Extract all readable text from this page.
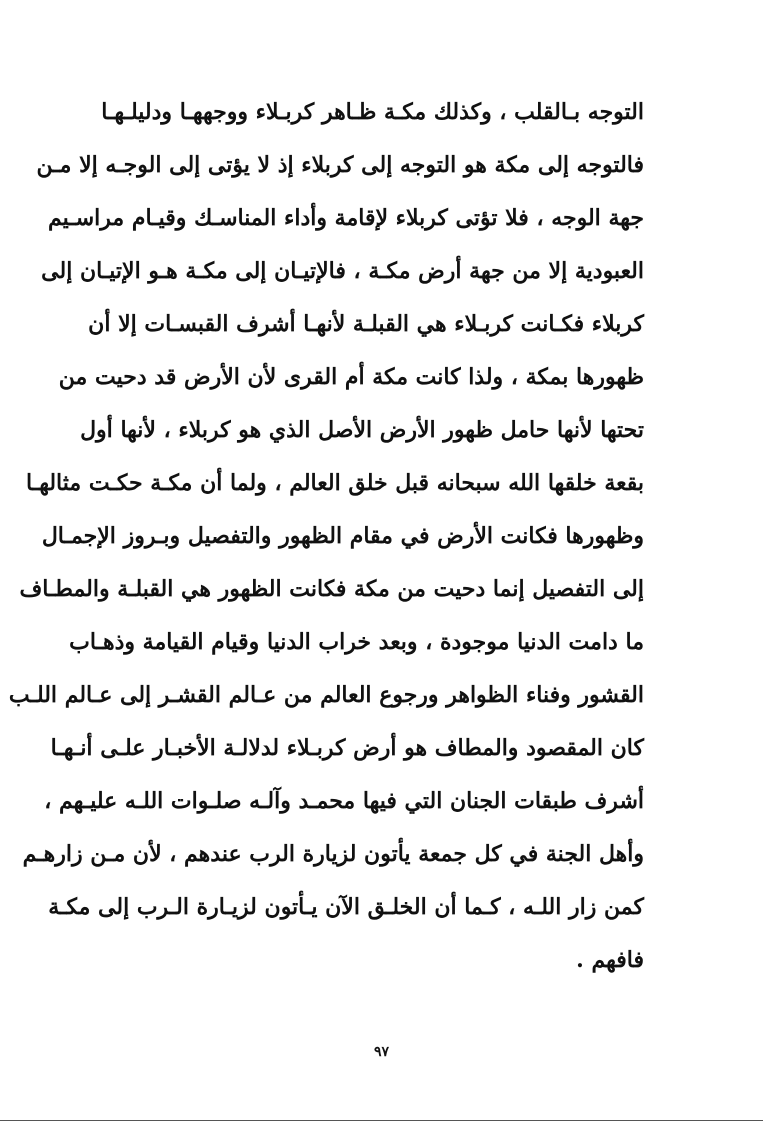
التوجه بـالقلب ، وكذلك مكـة ظـاهر كربـلاء ووجههـا ودليلـهـا
فالتوجه إلى مكة هو التوجه إلى كربلاء إذ لا يؤتى إلى الوجـه إلا مـن
جهة الوجه ، فلا تؤتى كربلاء لإقامة وأداء المناسـك وقيـام مراسـيم
العبودية إلا من جهة أرض مكـة ، فالإتيـان إلى مكـة هـو الإتيـان إلى
كربلاء فكـانت كربـلاء هي القبلـة لأنهـا أشرف القبسـات إلا أن
ظهورها بمكة ، ولذا كانت مكة أم القرى لأن الأرض قد دحيت من
تحتها لأنها حامل ظهور الأرض الأصل الذي هو كربلاء ، لأنها أول
بقعة خلقها الله سبحانه قبل خلق العالم ، ولما أن مكـة حكـت مثالهـا
وظهورها فكانت الأرض في مقام الظهور والتفصيل وبـروز الإجمـال
إلى التفصيل إنما دحيت من مكة فكانت الظهور هي القبلـة والمطـاف
ما دامت الدنيا موجودة ، وبعد خراب الدنيا وقيام القيامة وذهـاب
القشور وفناء الظواهر ورجوع العالم من عـالم القشـر إلى عـالم اللـب
كان المقصود والمطاف هو أرض كربـلاء لدلالـة الأخبـار علـى أنـهـا
أشرف طبقات الجنان التي فيها محمـد وآلـه صلـوات اللـه عليـهم ،
وأهل الجنة في كل جمعة يأتون لزيارة الرب عندهم ، لأن مـن زارهـم
كمن زار اللـه ، كـما أن الخلـق الآن يـأتون لزيـارة الـرب إلى مكـة
فافهم .
٩٧
